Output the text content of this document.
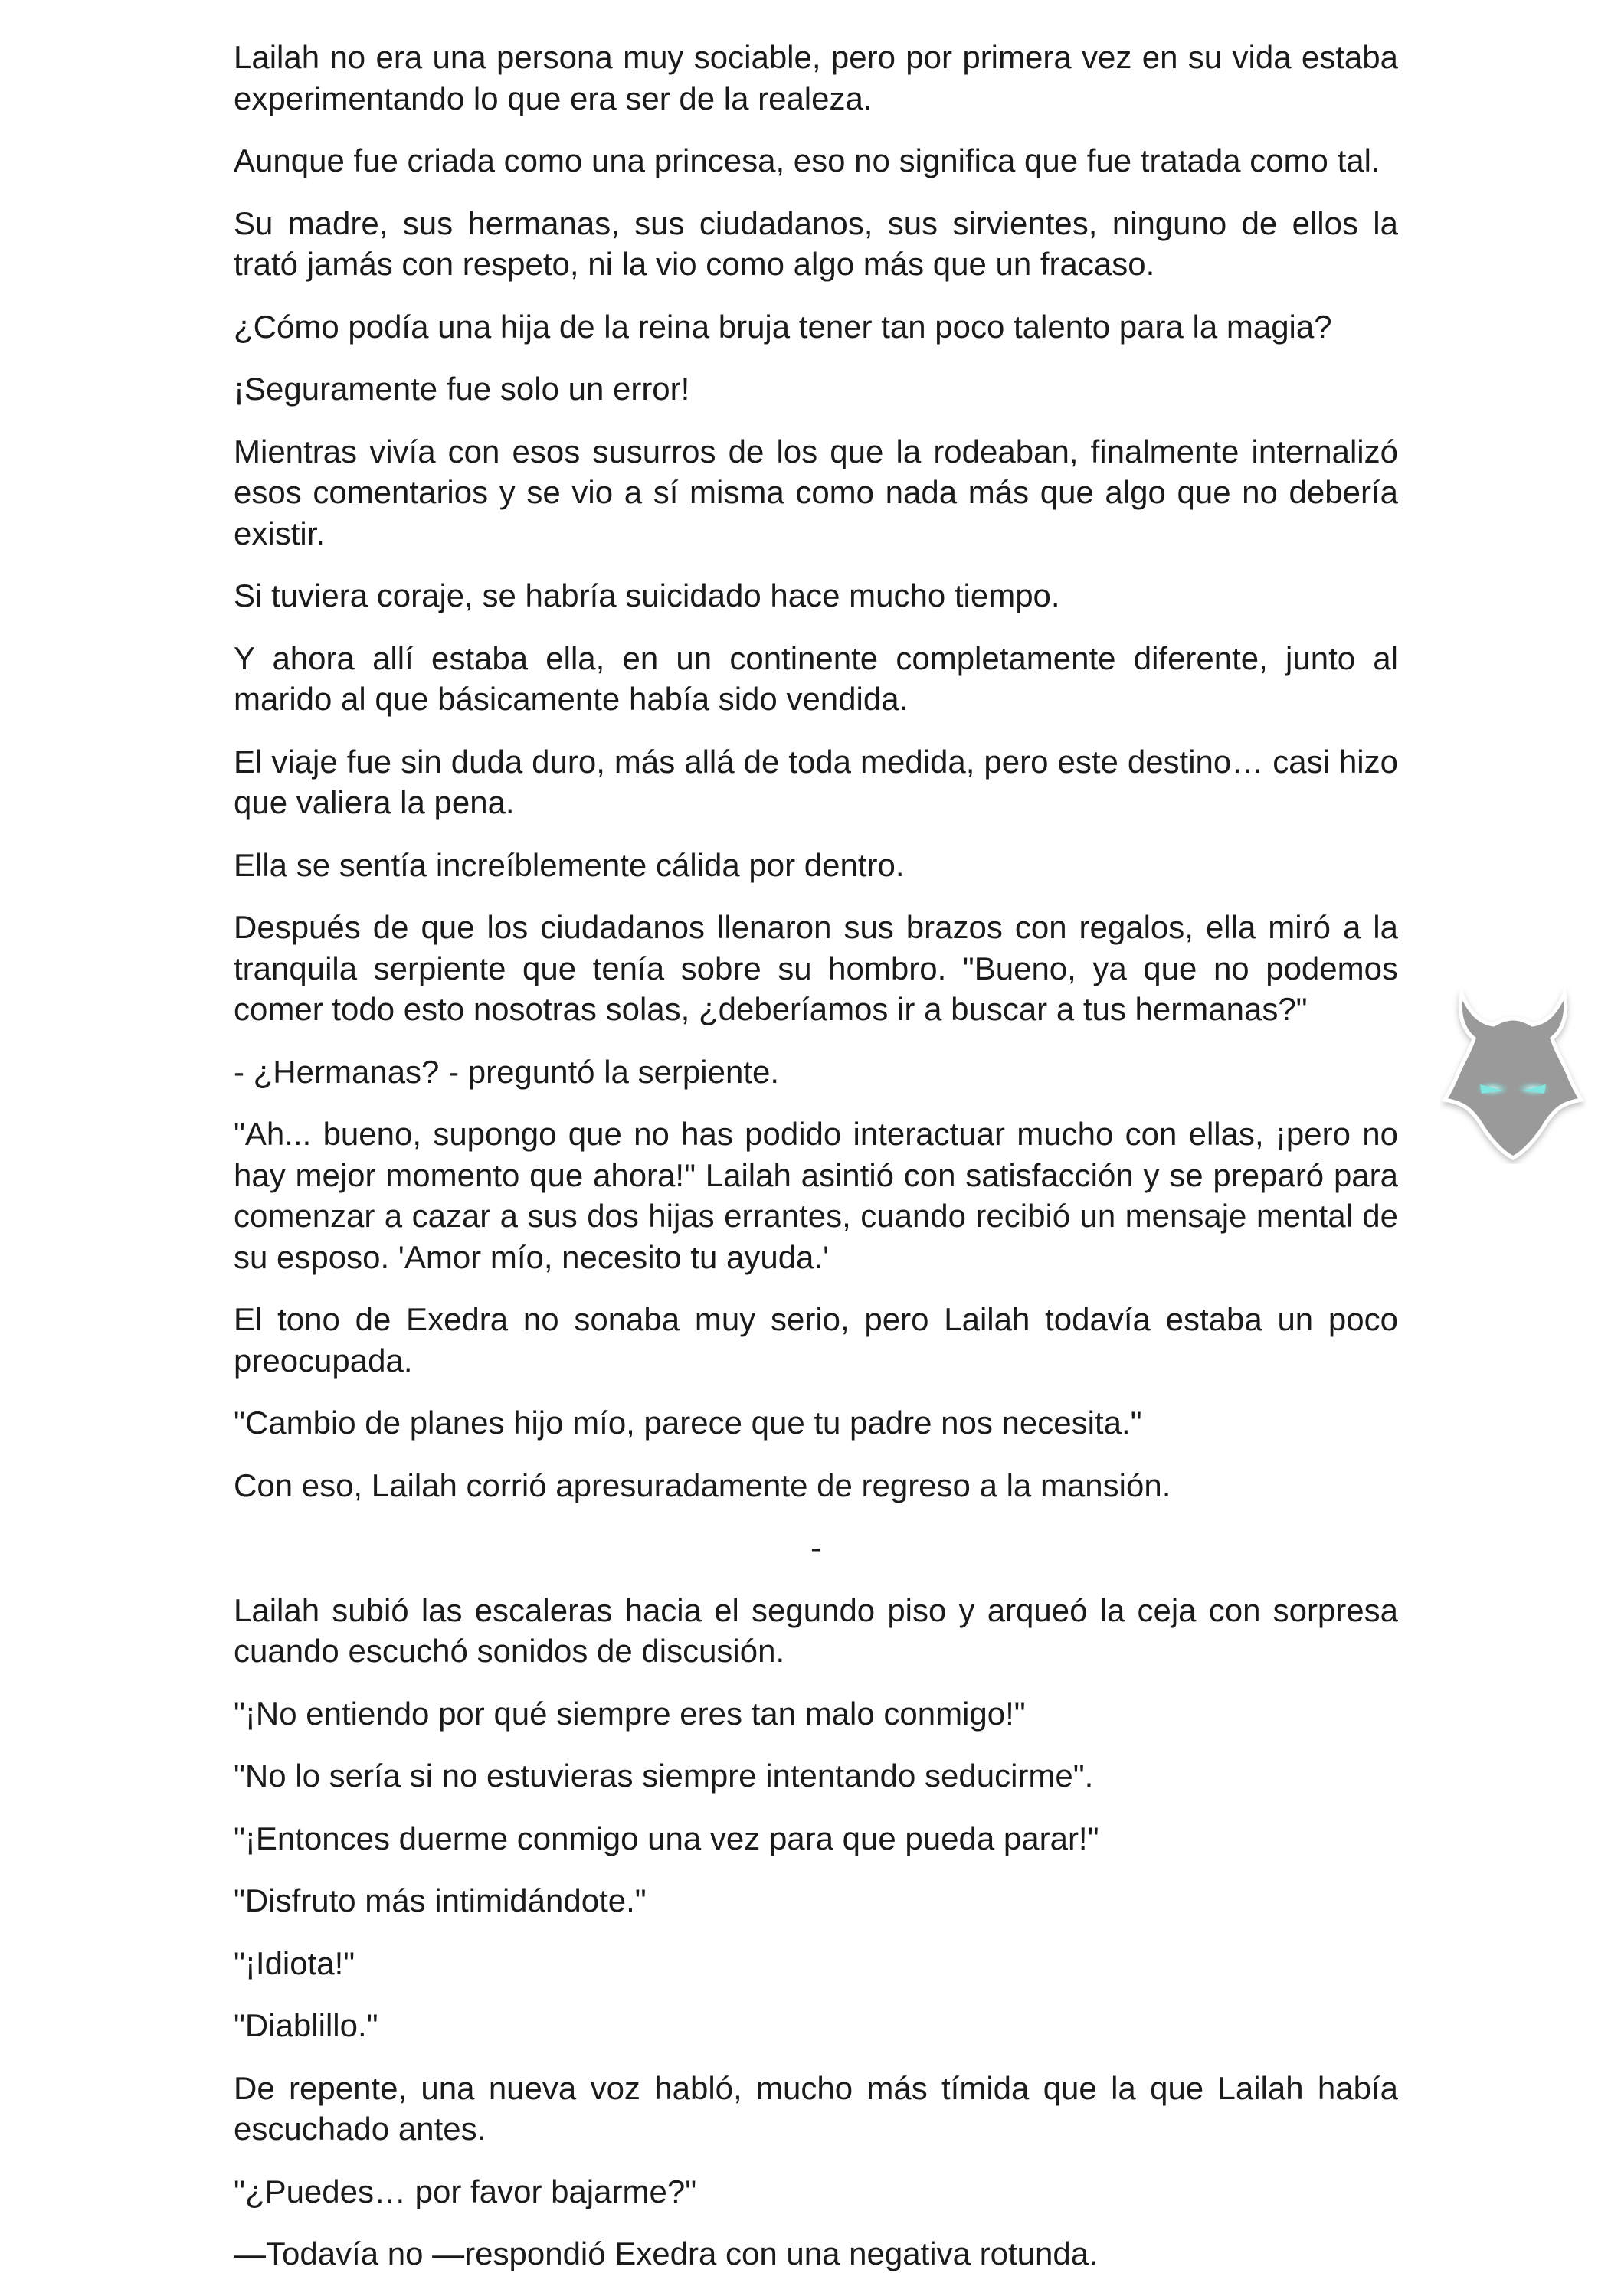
Lailah no era una persona muy sociable, pero por primera vez en su vida estaba experimentando lo que era ser de la realeza.

Aunque fue criada como una princesa, eso no significa que fue tratada como tal.

Su madre, sus hermanas, sus ciudadanos, sus sirvientes, ninguno de ellos la trató jamás con respeto, ni la vio como algo más que un fracaso.

¿Cómo podía una hija de la reina bruja tener tan poco talento para la magia?

¡Seguramente fue solo un error!

Mientras vivía con esos susurros de los que la rodeaban, finalmente internalizó esos comentarios y se vio a sí misma como nada más que algo que no debería existir.

Si tuviera coraje, se habría suicidado hace mucho tiempo.

Y ahora allí estaba ella, en un continente completamente diferente, junto al marido al que básicamente había sido vendida.

El viaje fue sin duda duro, más allá de toda medida, pero este destino… casi hizo que valiera la pena.

Ella se sentía increíblemente cálida por dentro.

Después de que los ciudadanos llenaron sus brazos con regalos, ella miró a la tranquila serpiente que tenía sobre su hombro. "Bueno, ya que no podemos comer todo esto nosotras solas, ¿deberíamos ir a buscar a tus hermanas?"

- ¿Hermanas? - preguntó la serpiente.

"Ah... bueno, supongo que no has podido interactuar mucho con ellas, ¡pero no hay mejor momento que ahora!" Lailah asintió con satisfacción y se preparó para comenzar a cazar a sus dos hijas errantes, cuando recibió un mensaje mental de su esposo. 'Amor mío, necesito tu ayuda.'

El tono de Exedra no sonaba muy serio, pero Lailah todavía estaba un poco preocupada.

"Cambio de planes hijo mío, parece que tu padre nos necesita."

Con eso, Lailah corrió apresuradamente de regreso a la mansión.

-

Lailah subió las escaleras hacia el segundo piso y arqueó la ceja con sorpresa cuando escuchó sonidos de discusión.

"¡No entiendo por qué siempre eres tan malo conmigo!"

"No lo sería si no estuvieras siempre intentando seducirme".

"¡Entonces duerme conmigo una vez para que pueda parar!"

"Disfruto más intimidándote."

"¡Idiota!"

"Diablillo."

De repente, una nueva voz habló, mucho más tímida que la que Lailah había escuchado antes.

"¿Puedes… por favor bajarme?"

—Todavía no —respondió Exedra con una negativa rotunda.
